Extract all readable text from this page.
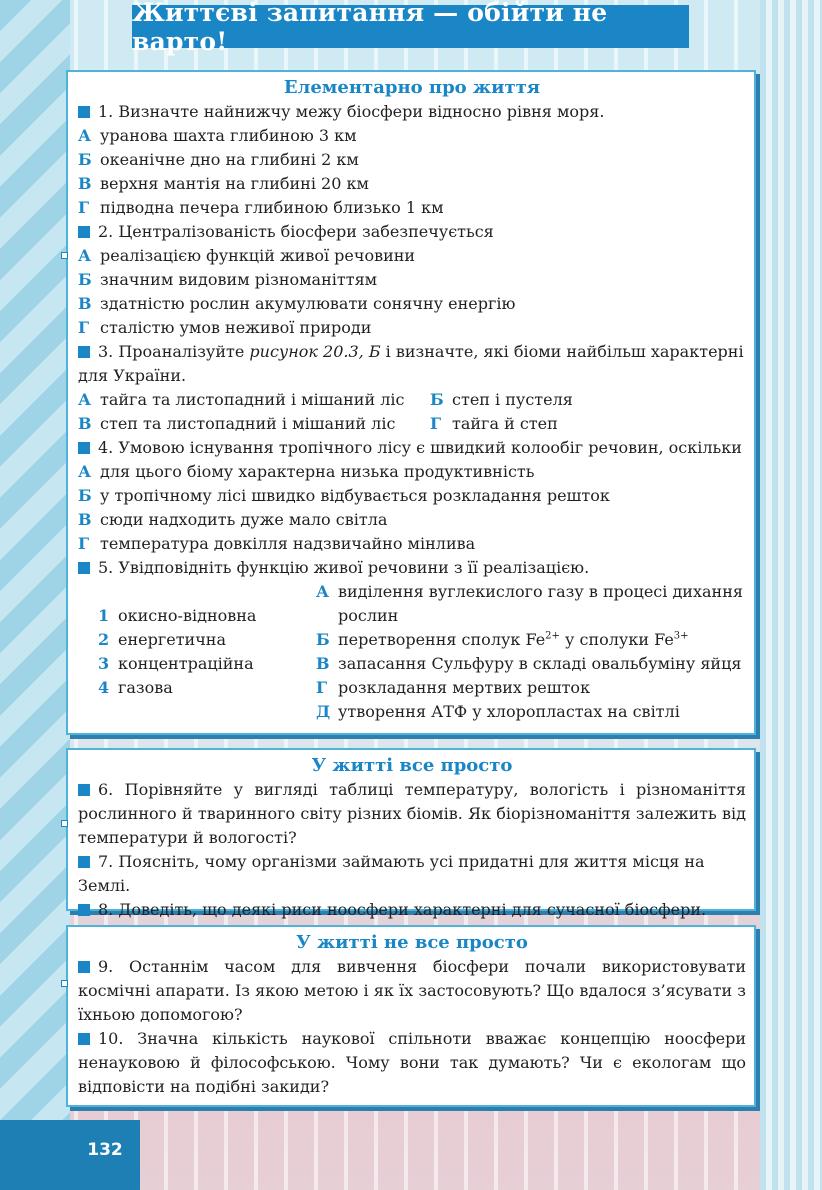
Життєві запитання — обійти не варто!
Елементарно про життя
1. Визначте найнижчу межу біосфери відносно рівня моря.
А уранова шахта глибиною 3 км
Б океанічне дно на глибині 2 км
В верхня мантія на глибині 20 км
Г підводна печера глибиною близько 1 км
2. Централізованість біосфери забезпечується
А реалізацією функцій живої речовини
Б значним видовим різноманіттям
В здатністю рослин акумулювати сонячну енергію
Г сталістю умов неживої природи
3. Проаналізуйте рисунок 20.3, Б і визначте, які біоми найбільш характерні для України.
А тайга та листопадний і мішаний ліс Б степ і пустеля
В степ та листопадний і мішаний ліс Г тайга й степ
4. Умовою існування тропічного лісу є швидкий колообіг речовин, оскільки
А для цього біому характерна низька продуктивність
Б у тропічному лісі швидко відбувається розкладання решток
В сюди надходить дуже мало світла
Г температура довкілля надзвичайно мінлива
5. Увідповідніть функцію живої речовини з її реалізацією.
1 окисно-відновна
2 енергетична
3 концентраційна
4 газова
А виділення вуглекислого газу в процесі дихання рослин
Б перетворення сполук $Fe^{2+}$ у сполуки $Fe^{3+}$
В запасання Сульфуру в складі овальбуміну яйця
Г розкладання мертвих решток
Д утворення АТФ у хлоропластах на світлі
У житті все просто
6. Порівняйте у вигляді таблиці температуру, вологість і різноманіття рослинного й тваринного світу різних біомів. Як біорізноманіття залежить від температури й вологості?
7. Поясніть, чому організми займають усі придатні для життя місця на Землі.
8. Доведіть, що деякі риси ноосфери характерні для сучасної біосфери.
У житті не все просто
9. Останнім часом для вивчення біосфери почали використовувати космічні апарати. Із якою метою і як їх застосовують? Що вдалося з’ясувати з їхньою допомогою?
10. Значна кількість наукової спільноти вважає концепцію ноосфери ненауковою й філософською. Чому вони так думають? Чи є екологам що відповісти на подібні закиди?
132
